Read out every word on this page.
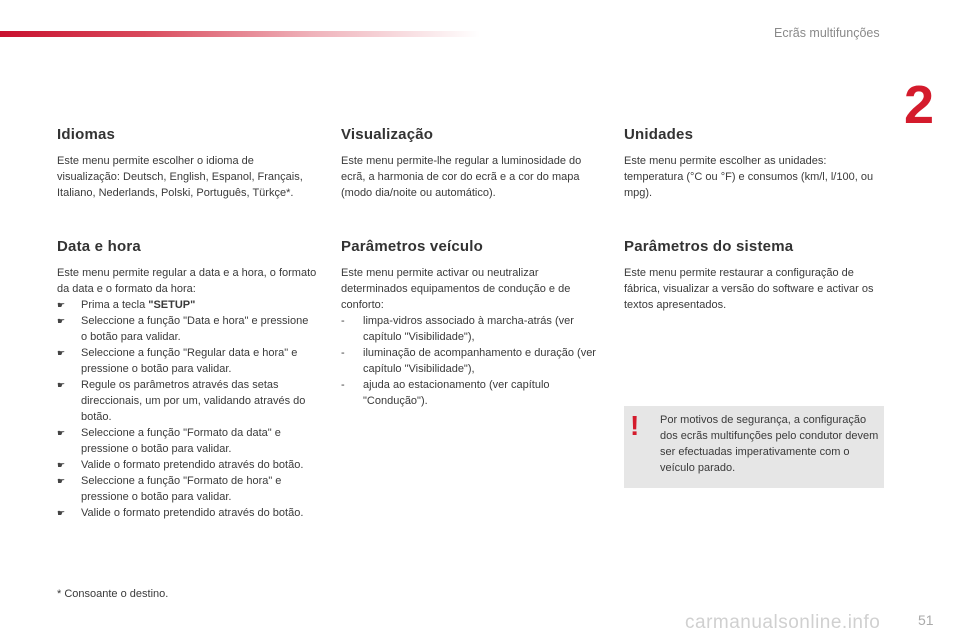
Ecrãs multifunções
2
Idiomas

Este menu permite escolher o idioma de visualização: Deutsch, English, Espanol, Français, Italiano, Nederlands, Polski, Português, Türkçe*.

Data e hora

Este menu permite regular a data e a hora, o formato da data e o formato da hora:

☛ Prima a tecla "SETUP"
☛ Seleccione a função "Data e hora" e pressione o botão para validar.
☛ Seleccione a função "Regular data e hora" e pressione o botão para validar.
☛ Regule os parâmetros através das setas direccionais, um por um, validando através do botão.
☛ Seleccione a função "Formato da data" e pressione o botão para validar.
☛ Valide o formato pretendido através do botão.
☛ Seleccione a função "Formato de hora" e pressione o botão para validar.
☛ Valide o formato pretendido através do botão.
Visualização

Este menu permite-lhe regular a luminosidade do ecrã, a harmonia de cor do ecrã e a cor do mapa (modo dia/noite ou automático).

Parâmetros veículo

Este menu permite activar ou neutralizar determinados equipamentos de condução e de conforto:

- limpa-vidros associado à marcha-atrás (ver capítulo "Visibilidade"),
- iluminação de acompanhamento e duração (ver capítulo "Visibilidade"),
- ajuda ao estacionamento (ver capítulo "Condução").
Unidades

Este menu permite escolher as unidades: temperatura (°C ou °F) e consumos (km/l, l/100, ou mpg).

Parâmetros do sistema

Este menu permite restaurar a configuração de fábrica, visualizar a versão do software e activar os textos apresentados.

! Por motivos de segurança, a configuração dos ecrãs multifunções pelo condutor devem ser efectuadas imperativamente com o veículo parado.

* Consoante o destino.
carmanualsonline.info	51
